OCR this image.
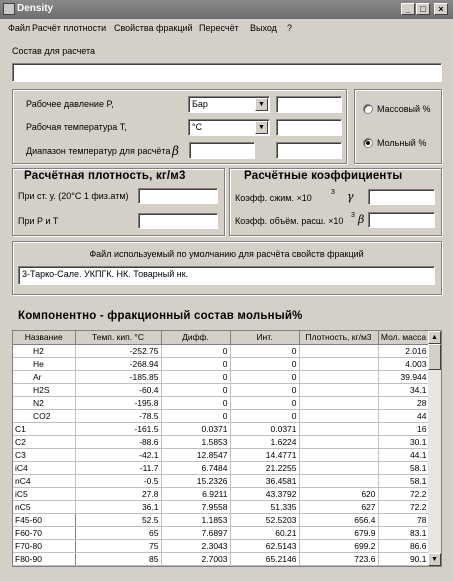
Density	_	□	×
Файл Расчёт плотности Свойства фракций Пересчёт Выход ?
Состав для расчета
Рабочее давление P,	Бар	▼
Рабочая температура T,	°C	▼
Диапазон температур для расчёта β
Массовый %
Мольный %
Расчётная плотность, кг/м3
При ст. у. (20°С 1 физ.атм)
При P и T
Расчётные коэффициенты
Коэфф. сжим. ×10
3 γ
Коэфф. объём. расш. ×10
3 β
Файл используемый по умолчанию для расчёта свойств фракций
3-Тарко-Сале. УКПГК. НК. Товарный нк.
Компонентно - фракционный состав мольный%
Название	Темп. кип. °С	Дифф.	Инт.	Плотность, кг/м3	Мол. масса
H2	-252.75	0	0		2.016
He	-268.94	0	0		4.003
Ar	-185.85	0	0		39.944
H2S	-60.4	0	0		34.1
N2	-195.8	0	0		28
CO2	-78.5	0	0		44
C1	-161.5	0.0371	0.0371		16
C2	-88.6	1.5853	1.6224		30.1
C3	-42.1	12.8547	14.4771		44.1
iC4	-11.7	6.7484	21.2255		58.1
nC4	-0.5	15.2326	36.4581		58.1
iC5	27.8	6.9211	43.3792	620	72.2
nC5	36.1	7.9558	51.335	627	72.2
F45-60	52.5	1.1853	52.5203	656.4	78
F60-70	65	7.6897	60.21	679.9	83.1
F70-80	75	2.3043	62.5143	699.2	86.6
F80-90	85	2.7003	65.2146	723.6	90.1
▲
▼
